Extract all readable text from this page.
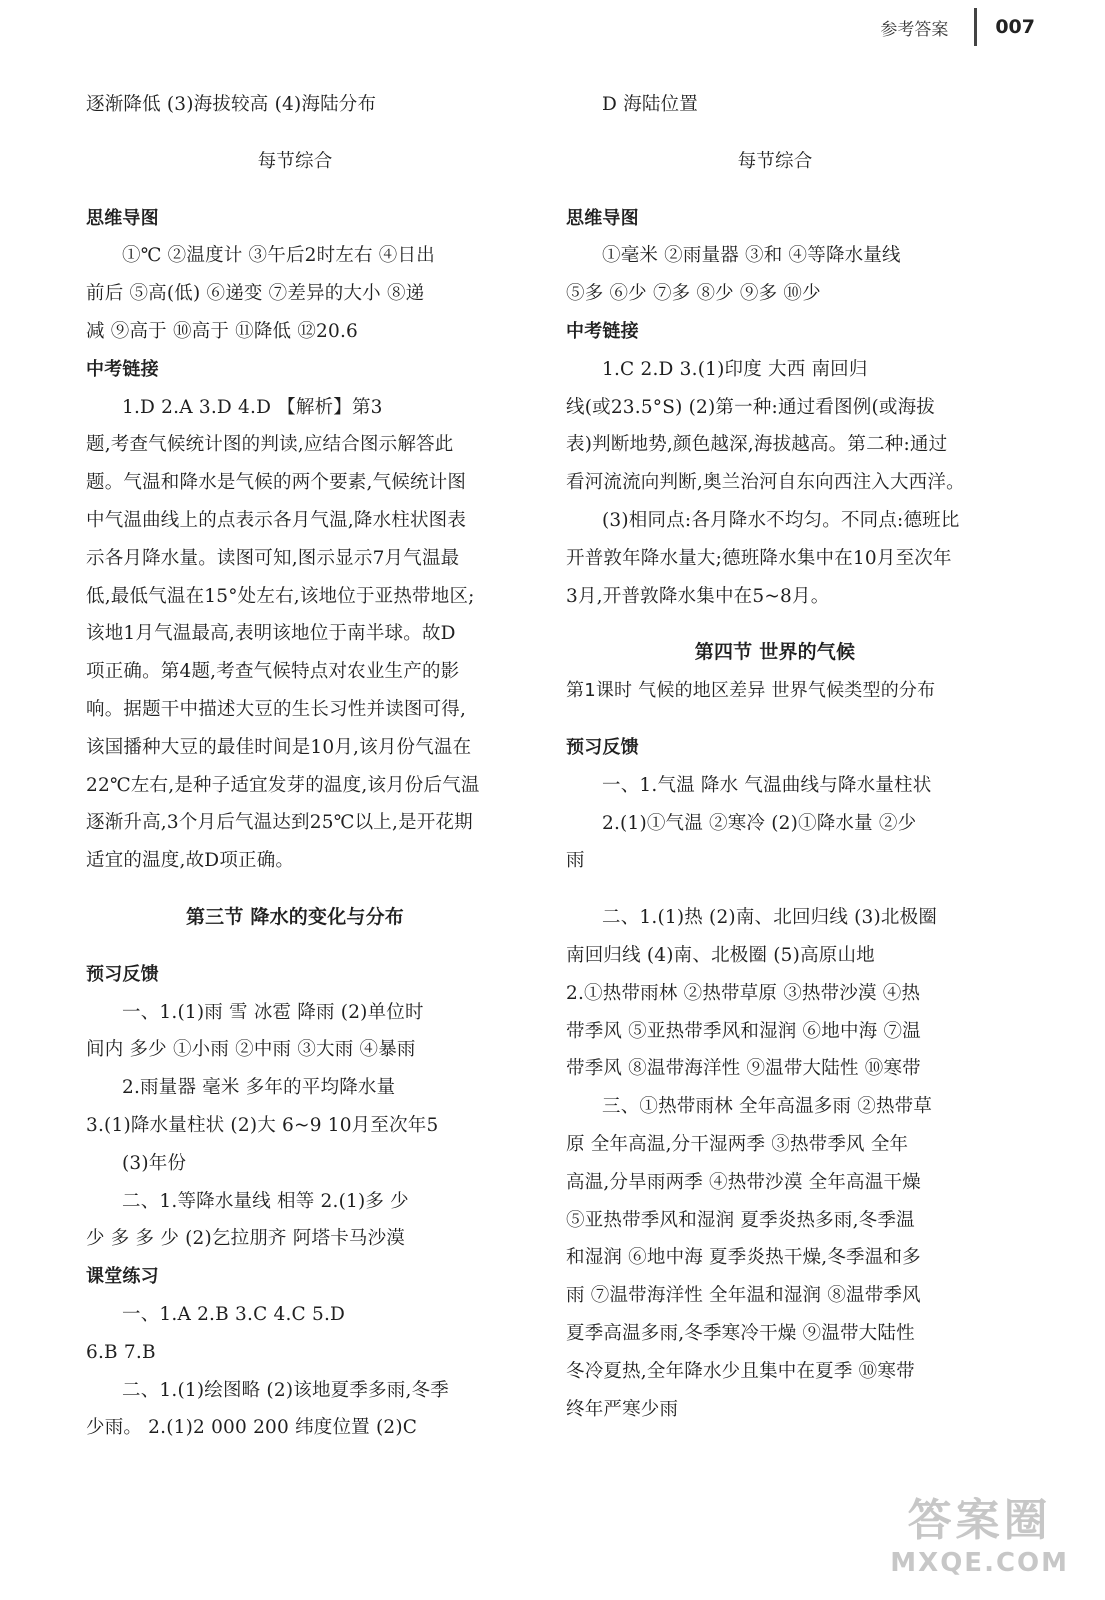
参考答案 007
逐渐降低 (3)海拔较高 (4)海陆分布
每节综合
思维导图
①℃ ②温度计 ③午后2时左右 ④日出
前后 ⑤高(低) ⑥递变 ⑦差异的大小 ⑧递
减 ⑨高于 ⑩高于 ⑪降低 ⑫20.6
中考链接
1.D 2.A 3.D 4.D 【解析】第3
题,考查气候统计图的判读,应结合图示解答此
题。气温和降水是气候的两个要素,气候统计图
中气温曲线上的点表示各月气温,降水柱状图表
示各月降水量。读图可知,图示显示7月气温最
低,最低气温在15°处左右,该地位于亚热带地区;
该地1月气温最高,表明该地位于南半球。故D
项正确。第4题,考查气候特点对农业生产的影
响。据题干中描述大豆的生长习性并读图可得,
该国播种大豆的最佳时间是10月,该月份气温在
22℃左右,是种子适宜发芽的温度,该月份后气温
逐渐升高,3个月后气温达到25℃以上,是开花期
适宜的温度,故D项正确。
第三节 降水的变化与分布
预习反馈
一、1.(1)雨 雪 冰雹 降雨 (2)单位时
间内 多少 ①小雨 ②中雨 ③大雨 ④暴雨
2.雨量器 毫米 多年的平均降水量
3.(1)降水量柱状 (2)大 6~9 10月至次年5
(3)年份
二、1.等降水量线 相等 2.(1)多 少
少 多 多 少 (2)乞拉朋齐 阿塔卡马沙漠
课堂练习
一、1.A 2.B 3.C 4.C 5.D
6.B 7.B
二、1.(1)绘图略 (2)该地夏季多雨,冬季
少雨。 2.(1)2 000 200 纬度位置 (2)C
D 海陆位置
每节综合
思维导图
①毫米 ②雨量器 ③和 ④等降水量线
⑤多 ⑥少 ⑦多 ⑧少 ⑨多 ⑩少
中考链接
1.C 2.D 3.(1)印度 大西 南回归
线(或23.5°S) (2)第一种:通过看图例(或海拔
表)判断地势,颜色越深,海拔越高。第二种:通过
看河流流向判断,奥兰治河自东向西注入大西洋。
(3)相同点:各月降水不均匀。不同点:德班比
开普敦年降水量大;德班降水集中在10月至次年
3月,开普敦降水集中在5~8月。
第四节 世界的气候
第1课时 气候的地区差异 世界气候类型的分布
预习反馈
一、1.气温 降水 气温曲线与降水量柱状
2.(1)①气温 ②寒冷 (2)①降水量 ②少
雨
二、1.(1)热 (2)南、北回归线 (3)北极圈
南回归线 (4)南、北极圈 (5)高原山地
2.①热带雨林 ②热带草原 ③热带沙漠 ④热
带季风 ⑤亚热带季风和湿润 ⑥地中海 ⑦温
带季风 ⑧温带海洋性 ⑨温带大陆性 ⑩寒带
三、①热带雨林 全年高温多雨 ②热带草
原 全年高温,分干湿两季 ③热带季风 全年
高温,分旱雨两季 ④热带沙漠 全年高温干燥
⑤亚热带季风和湿润 夏季炎热多雨,冬季温
和湿润 ⑥地中海 夏季炎热干燥,冬季温和多
雨 ⑦温带海洋性 全年温和湿润 ⑧温带季风
夏季高温多雨,冬季寒冷干燥 ⑨温带大陆性
冬冷夏热,全年降水少且集中在夏季 ⑩寒带
终年严寒少雨
答案圈
MXQE.COM
